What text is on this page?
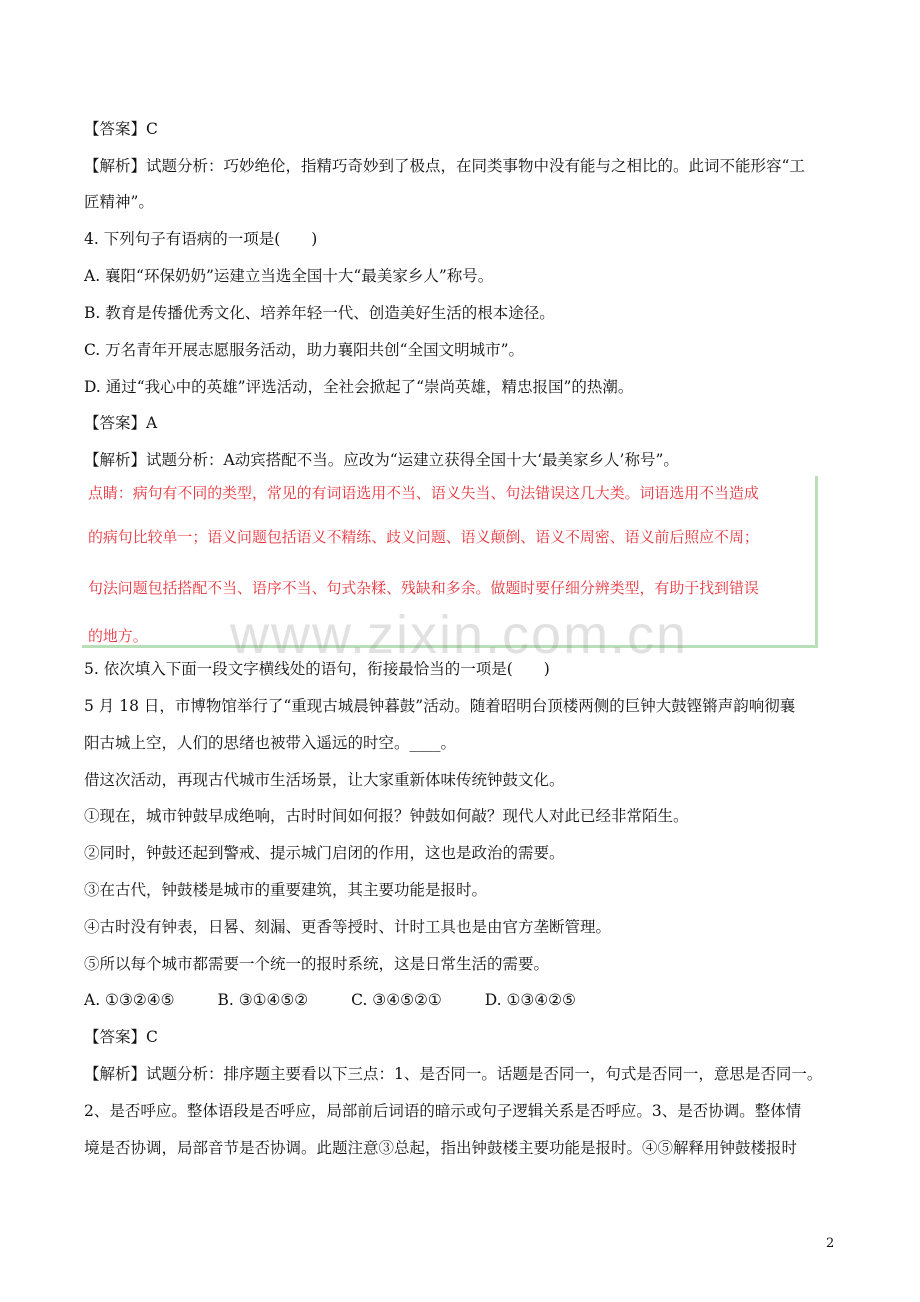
【答案】C
【解析】试题分析：巧妙绝伦，指精巧奇妙到了极点，在同类事物中没有能与之相比的。此词不能形容“工
匠精神”。
4. 下列句子有语病的一项是(　　)
A. 襄阳“环保奶奶”运建立当选全国十大“最美家乡人”称号。
B. 教育是传播优秀文化、培养年轻一代、创造美好生活的根本途径。
C. 万名青年开展志愿服务活动，助力襄阳共创“全国文明城市”。
D. 通过“我心中的英雄”评选活动，全社会掀起了“崇尚英雄，精忠报国”的热潮。
【答案】A
【解析】试题分析：A动宾搭配不当。应改为“运建立获得全国十大‘最美家乡人’称号”。
点睛：病句有不同的类型，常见的有词语选用不当、语义失当、句法错误这几大类。词语选用不当造成
的病句比较单一；语义问题包括语义不精练、歧义问题、语义颠倒、语义不周密、语义前后照应不周；
句法问题包括搭配不当、语序不当、句式杂糅、残缺和多余。做题时要仔细分辨类型，有助于找到错误
的地方。	www.zixin.com.cn
5. 依次填入下面一段文字横线处的语句，衔接最恰当的一项是(　　)
5 月 18 日，市博物馆举行了“重现古城晨钟暮鼓”活动。随着昭明台顶楼两侧的巨钟大鼓铿锵声韵响彻襄
阳古城上空，人们的思绪也被带入遥远的时空。____。
借这次活动，再现古代城市生活场景，让大家重新体味传统钟鼓文化。
①现在，城市钟鼓早成绝响，古时时间如何报？钟鼓如何敲？现代人对此已经非常陌生。
②同时，钟鼓还起到警戒、提示城门启闭的作用，这也是政治的需要。
③在古代，钟鼓楼是城市的重要建筑，其主要功能是报时。
④古时没有钟表，日晷、刻漏、更香等授时、计时工具也是由官方垄断管理。
⑤所以每个城市都需要一个统一的报时系统，这是日常生活的需要。
A. ①③②④⑤	B. ③①④⑤②	C. ③④⑤②①	D. ①③④②⑤
【答案】C
【解析】试题分析：排序题主要看以下三点：1、是否同一。话题是否同一，句式是否同一，意思是否同一。
2、是否呼应。整体语段是否呼应，局部前后词语的暗示或句子逻辑关系是否呼应。3、是否协调。整体情
境是否协调，局部音节是否协调。此题注意③总起，指出钟鼓楼主要功能是报时。④⑤解释用钟鼓楼报时
2
